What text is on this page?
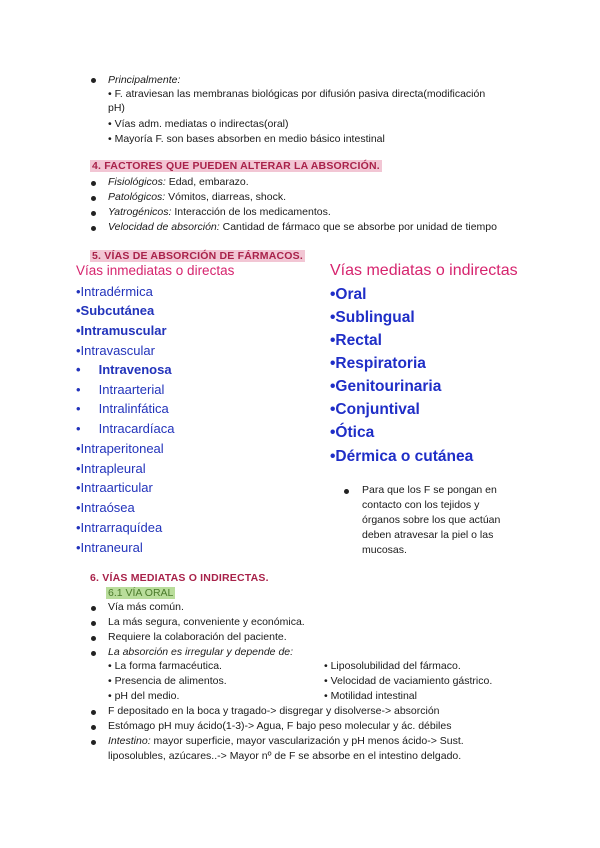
Principalmente:
• F. atraviesan las membranas biológicas por difusión pasiva directa(modificación
pH)
• Vías adm. mediatas o indirectas(oral)
• Mayoría F. son bases absorben en medio básico intestinal
4. FACTORES QUE PUEDEN ALTERAR LA ABSORCIÓN.
Fisiológicos: Edad, embarazo.
Patológicos: Vómitos, diarreas, shock.
Yatrogénicos: Interacción de los medicamentos.
Velocidad de absorción: Cantidad de fármaco que se absorbe por unidad de tiempo
5. VÍAS DE ABSORCIÓN DE FÁRMACOS.
Vías inmediatas o directas	Vías mediatas o indirectas
•Intradérmica
•Subcutánea
•Intramuscular
•Intravascular
•     Intravenosa
•     Intraarterial
•     Intralinfática
•     Intracardíaca
•Intraperitoneal
•Intrapleural
•Intraarticular
•Intraósea
•Intrarraquídea
•Intraneural
•Oral
•Sublingual
•Rectal
•Respiratoria
•Genitourinaria
•Conjuntival
•Ótica
•Dérmica o cutánea
Para que los F se pongan en
contacto con los tejidos y
órganos sobre los que actúan
deben atravesar la piel o las
mucosas.
6. VÍAS MEDIATAS O INDIRECTAS.
6.1 VÍA ORAL
Vía más común.
La más segura, conveniente y económica.
Requiere la colaboración del paciente.
La absorción es irregular y depende de:
• La forma farmacéutica.
• Presencia de alimentos.
• pH del medio.
• Liposolubilidad del fármaco.
• Velocidad de vaciamiento gástrico.
• Motilidad intestinal
F depositado en la boca y tragado-> disgregar y disolverse-> absorción
Estómago pH muy ácido(1-3)-> Agua, F bajo peso molecular y ác. débiles
Intestino: mayor superficie, mayor vascularización y pH menos ácido-> Sust.
liposolubles, azúcares..-> Mayor nº de F se absorbe en el intestino delgado.
